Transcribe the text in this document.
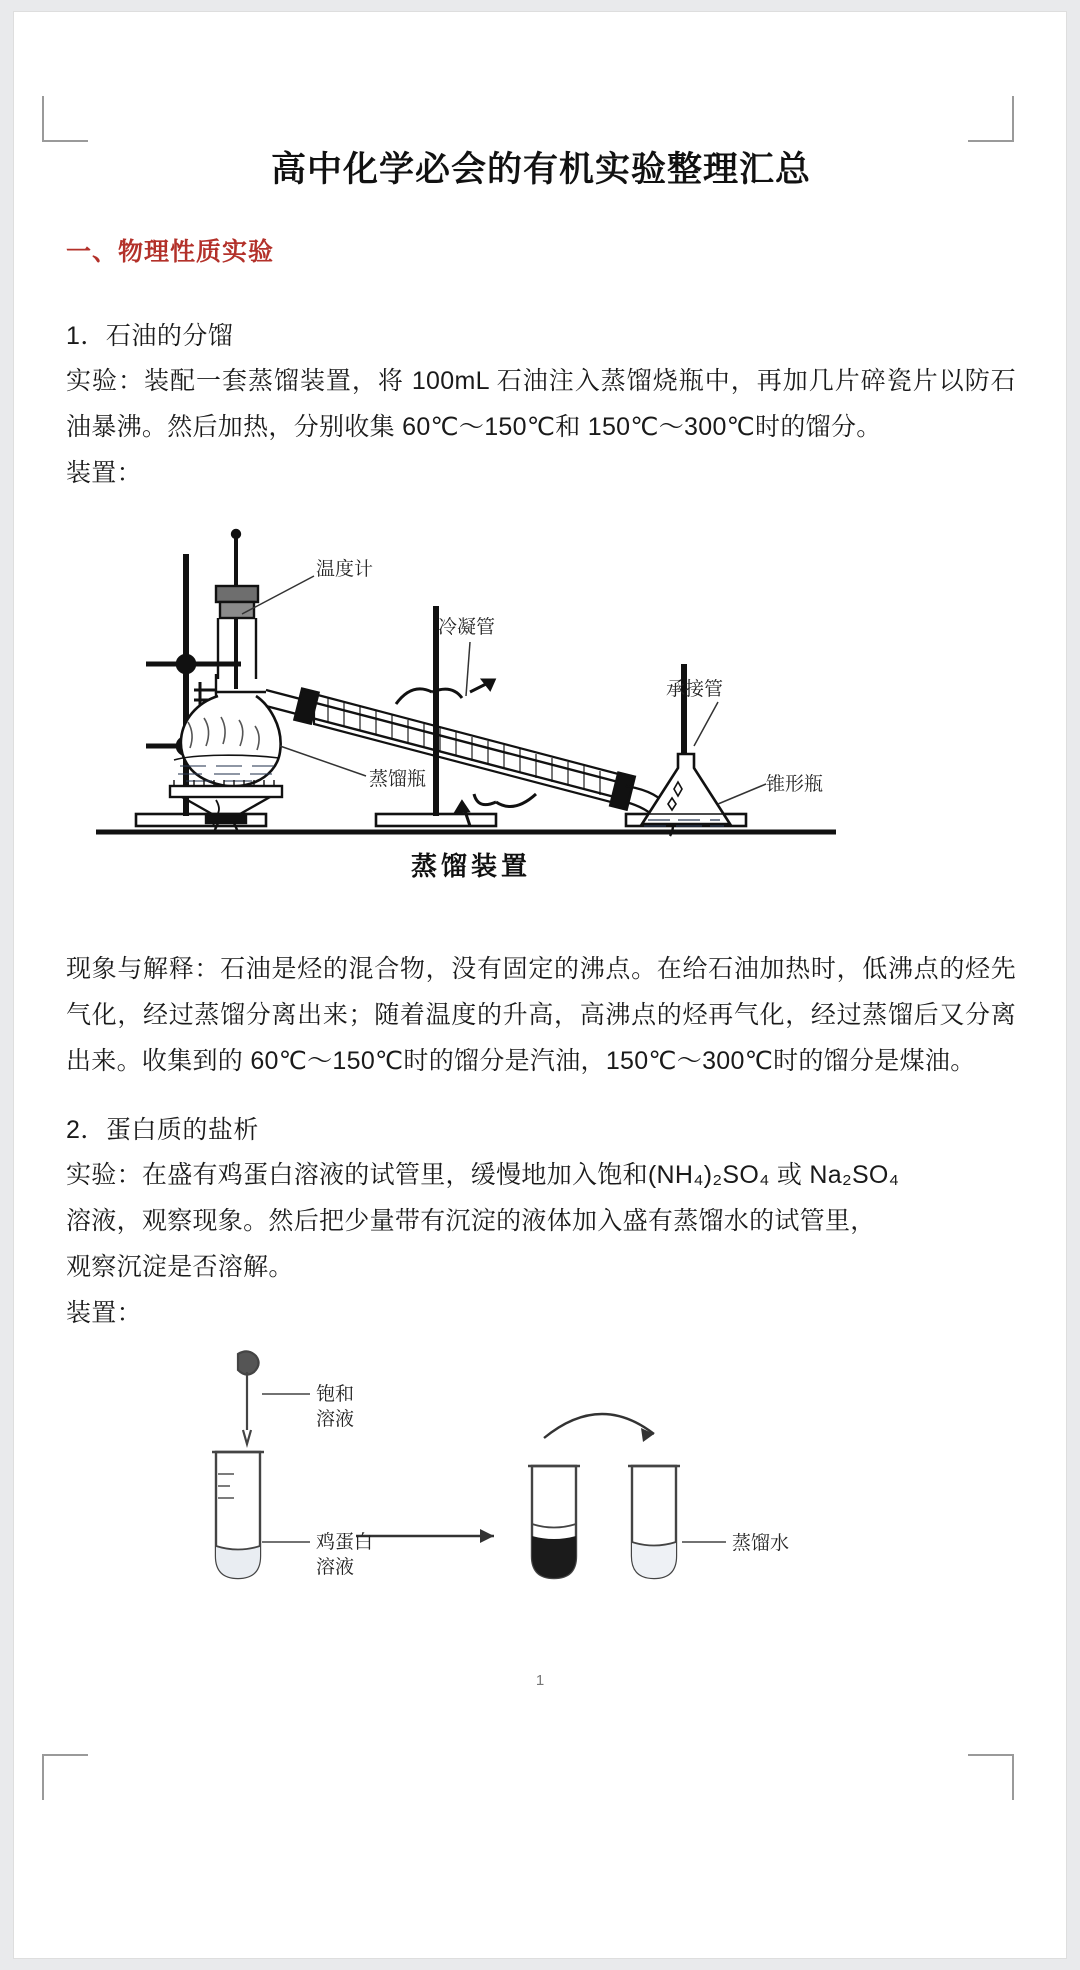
高中化学必会的有机实验整理汇总
一、物理性质实验
1．石油的分馏

实验：装配一套蒸馏装置，将 100mL 石油注入蒸馏烧瓶中，再加几片碎瓷片以防石油暴沸。然后加热，分别收集 60℃～150℃和 150℃～300℃时的馏分。

装置：

温度计
冷凝管
蒸馏瓶
承接管
锥形瓶
蒸馏装置

现象与解释：石油是烃的混合物，没有固定的沸点。在给石油加热时，低沸点的烃先气化，经过蒸馏分离出来；随着温度的升高，高沸点的烃再气化，经过蒸馏后又分离出来。收集到的 60℃～150℃时的馏分是汽油，150℃～300℃时的馏分是煤油。

2．蛋白质的盐析

实验：在盛有鸡蛋白溶液的试管里，缓慢地加入饱和(NH₄)₂SO₄ 或 Na₂SO₄

溶液，观察现象。然后把少量带有沉淀的液体加入盛有蒸馏水的试管里，

观察沉淀是否溶解。

装置：

铇和
溶液
鸡蛋白
溶液
蒸馏水
1
